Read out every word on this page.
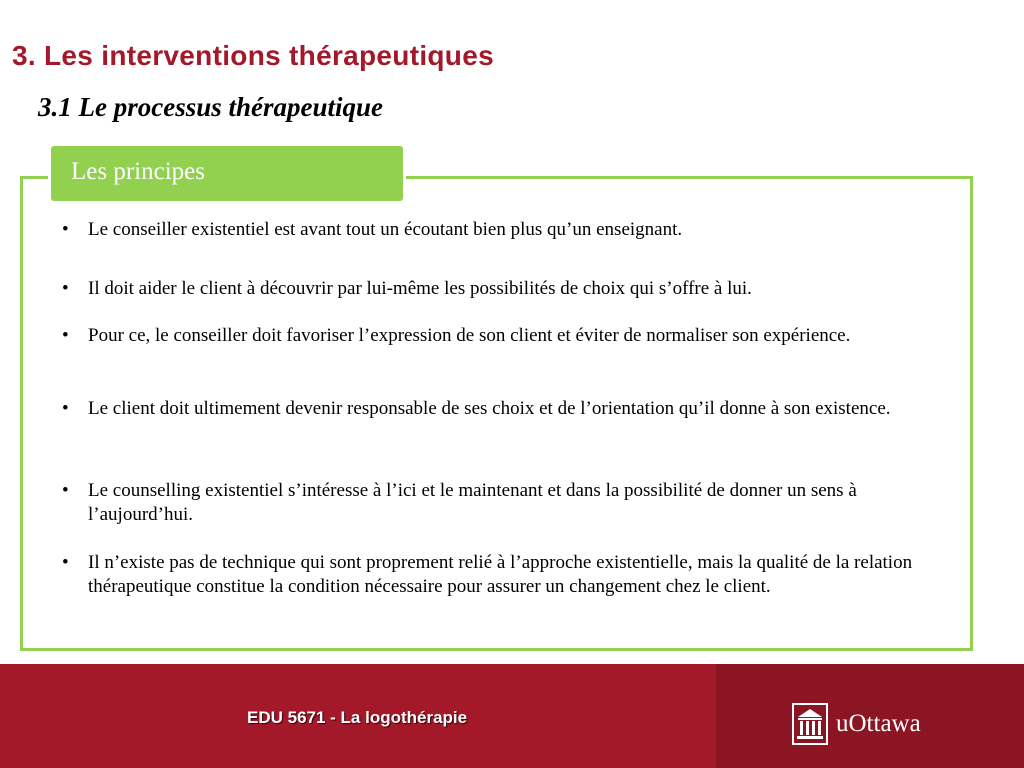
3. Les interventions thérapeutiques
3.1 Le processus thérapeutique
Les principes
• Le conseiller existentiel est avant tout un écoutant bien plus qu’un enseignant.
• Il doit aider le client à découvrir par lui-même les possibilités de choix qui s’offre à lui.
• Pour ce, le conseiller doit favoriser l’expression de son client et éviter de normaliser son expérience.
• Le client doit ultimement devenir responsable de ses choix et de l’orientation qu’il donne à son existence.
• Le counselling existentiel s’intéresse à l’ici et le maintenant et dans la possibilité de donner un sens à l’aujourd’hui.
• Il n’existe pas de technique qui sont proprement relié à l’approche existentielle, mais la qualité de la relation thérapeutique constitue la condition nécessaire pour assurer un changement chez le client.
EDU 5671 - La logothérapie	uOttawa
